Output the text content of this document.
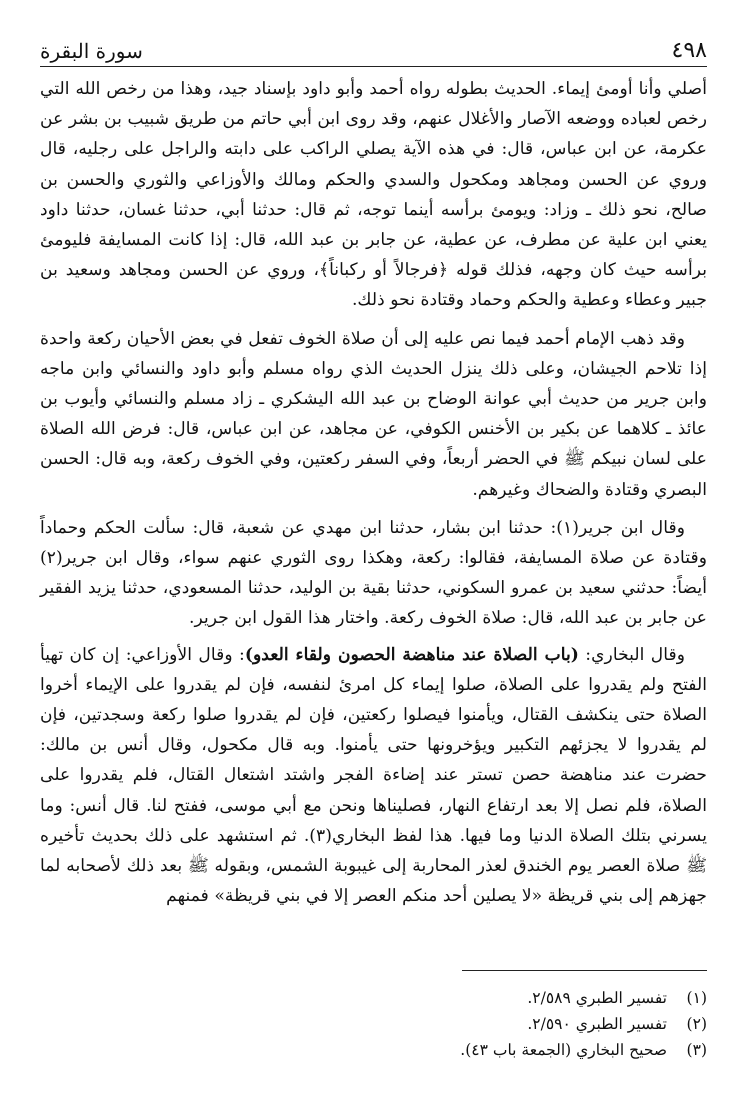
سورة البقرة	٤٩٨

أصلي وأنا أومئ إيماء. الحديث بطوله رواه أحمد وأبو داود بإسناد جيد، وهذا من رخص الله التي رخص لعباده ووضعه الآصار والأغلال عنهم، وقد روى ابن أبي حاتم من طريق شبيب بن بشر عن عكرمة، عن ابن عباس، قال: في هذه الآية يصلي الراكب على دابته والراجل على رجليه، قال وروي عن الحسن ومجاهد ومكحول والسدي والحكم ومالك والأوزاعي والثوري والحسن بن صالح، نحو ذلك ـ وزاد: ويومئ برأسه أينما توجه، ثم قال: حدثنا أبي، حدثنا غسان، حدثنا داود يعني ابن علية عن مطرف، عن عطية، عن جابر بن عبد الله، قال: إذا كانت المسايفة فليومئ برأسه حيث كان وجهه، فذلك قوله ﴿فرجالاً أو ركباناً﴾، وروي عن الحسن ومجاهد وسعيد بن جبير وعطاء وعطية والحكم وحماد وقتادة نحو ذلك.

وقد ذهب الإمام أحمد فيما نص عليه إلى أن صلاة الخوف تفعل في بعض الأحيان ركعة واحدة إذا تلاحم الجيشان، وعلى ذلك ينزل الحديث الذي رواه مسلم وأبو داود والنسائي وابن ماجه وابن جرير من حديث أبي عوانة الوضاح بن عبد الله اليشكري ـ زاد مسلم والنسائي وأيوب بن عائذ ـ كلاهما عن بكير بن الأخنس الكوفي، عن مجاهد، عن ابن عباس، قال: فرض الله الصلاة على لسان نبيكم ﷺ في الحضر أربعاً، وفي السفر ركعتين، وفي الخوف ركعة، وبه قال: الحسن البصري وقتادة والضحاك وغيرهم.

وقال ابن جرير(١): حدثنا ابن بشار، حدثنا ابن مهدي عن شعبة، قال: سألت الحكم وحماداً وقتادة عن صلاة المسايفة، فقالوا: ركعة، وهكذا روى الثوري عنهم سواء، وقال ابن جرير(٢) أيضاً: حدثني سعيد بن عمرو السكوني، حدثنا بقية بن الوليد، حدثنا المسعودي، حدثنا يزيد الفقير عن جابر بن عبد الله، قال: صلاة الخوف ركعة. واختار هذا القول ابن جرير.

وقال البخاري: (باب الصلاة عند مناهضة الحصون ولقاء العدو): وقال الأوزاعي: إن كان تهيأ الفتح ولم يقدروا على الصلاة، صلوا إيماء كل امرئ لنفسه، فإن لم يقدروا على الإيماء أخروا الصلاة حتى ينكشف القتال، ويأمنوا فيصلوا ركعتين، فإن لم يقدروا صلوا ركعة وسجدتين، فإن لم يقدروا لا يجزئهم التكبير ويؤخرونها حتى يأمنوا. وبه قال مكحول، وقال أنس بن مالك: حضرت عند مناهضة حصن تستر عند إضاءة الفجر واشتد اشتعال القتال، فلم يقدروا على الصلاة، فلم نصل إلا بعد ارتفاع النهار، فصليناها ونحن مع أبي موسى، ففتح لنا. قال أنس: وما يسرني بتلك الصلاة الدنيا وما فيها. هذا لفظ البخاري(٣). ثم استشهد على ذلك بحديث تأخيره ﷺ صلاة العصر يوم الخندق لعذر المحاربة إلى غيبوبة الشمس، وبقوله ﷺ بعد ذلك لأصحابه لما جهزهم إلى بني قريظة «لا يصلين أحد منكم العصر إلا في بني قريظة» فمنهم

(١)
تفسير الطبري ٢/٥٨٩.
(٢)
تفسير الطبري ٢/٥٩٠.
(٣)
صحيح البخاري (الجمعة باب ٤٣).
